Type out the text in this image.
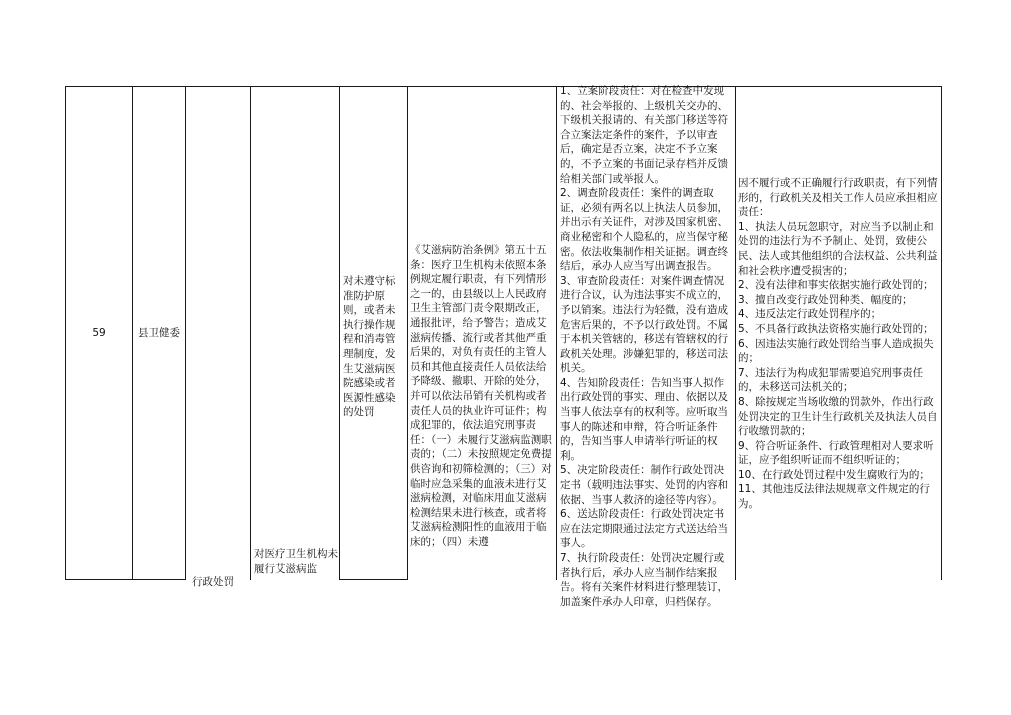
59	县卫健委
行政处罚
对医疗卫生机构未履行艾滋病监
对未遵守标准防护原则，或者未执行操作规程和消毒管理制度，发生艾滋病医院感染或者医源性感染的处罚
《艾滋病防治条例》第五十五条：医疗卫生机构未依照本条例规定履行职责，有下列情形之一的，由县级以上人民政府卫生主管部门责令限期改正，通报批评，给予警告；造成艾滋病传播、流行或者其他严重后果的，对负有责任的主管人员和其他直接责任人员依法给予降级、撤职、开除的处分，并可以依法吊销有关机构或者责任人员的执业许可证件；构成犯罪的，依法追究刑事责任：（一）未履行艾滋病监测职责的；（二）未按照规定免费提供咨询和初筛检测的；（三）对临时应急采集的血液未进行艾滋病检测，对临床用血艾滋病检测结果未进行核查，或者将艾滋病检测阳性的血液用于临床的；（四）未遵
1、立案阶段责任：对在检查中发现的、社会举报的、上级机关交办的、下级机关报请的、有关部门移送等符合立案法定条件的案件，予以审查后，确定是否立案，决定不予立案的，不予立案的书面记录存档并反馈给相关部门或举报人。
2、调查阶段责任：案件的调查取证，必须有两名以上执法人员参加，并出示有关证件，对涉及国家机密、商业秘密和个人隐私的，应当保守秘密。依法收集制作相关证据。调查终结后，承办人应当写出调查报告。
3、审查阶段责任：对案件调查情况进行合议，认为违法事实不成立的，予以销案。违法行为轻微，没有造成危害后果的，不予以行政处罚。不属于本机关管辖的，移送有管辖权的行政机关处理。涉嫌犯罪的，移送司法机关。
4、告知阶段责任：告知当事人拟作出行政处罚的事实、理由、依据以及当事人依法享有的权利等。应听取当事人的陈述和申辩，符合听证条件的，告知当事人申请举行听证的权利。
5、决定阶段责任：制作行政处罚决定书（载明违法事实、处罚的内容和依据、当事人救济的途径等内容）。
6、送达阶段责任：行政处罚决定书应在法定期限通过法定方式送达给当事人。
7、执行阶段责任：处罚决定履行或者执行后，承办人应当制作结案报告。将有关案件材料进行整理装订，加盖案件承办人印章，归档保存。
因不履行或不正确履行行政职责，有下列情形的，行政机关及相关工作人员应承担相应责任：
1、执法人员玩忽职守，对应当予以制止和处罚的违法行为不予制止、处罚，致使公民、法人或其他组织的合法权益、公共利益和社会秩序遭受损害的；
2、没有法律和事实依据实施行政处罚的；
3、擅自改变行政处罚种类、幅度的；
4、违反法定行政处罚程序的；
5、不具备行政执法资格实施行政处罚的；
6、因违法实施行政处罚给当事人造成损失的；
7、违法行为构成犯罪需要追究刑事责任的，未移送司法机关的；
8、除按规定当场收缴的罚款外，作出行政处罚决定的卫生计生行政机关及执法人员自行收缴罚款的；
9、符合听证条件、行政管理相对人要求听证，应予组织听证而不组织听证的；
10、在行政处罚过程中发生腐败行为的；
11、其他违反法律法规规章文件规定的行为。
